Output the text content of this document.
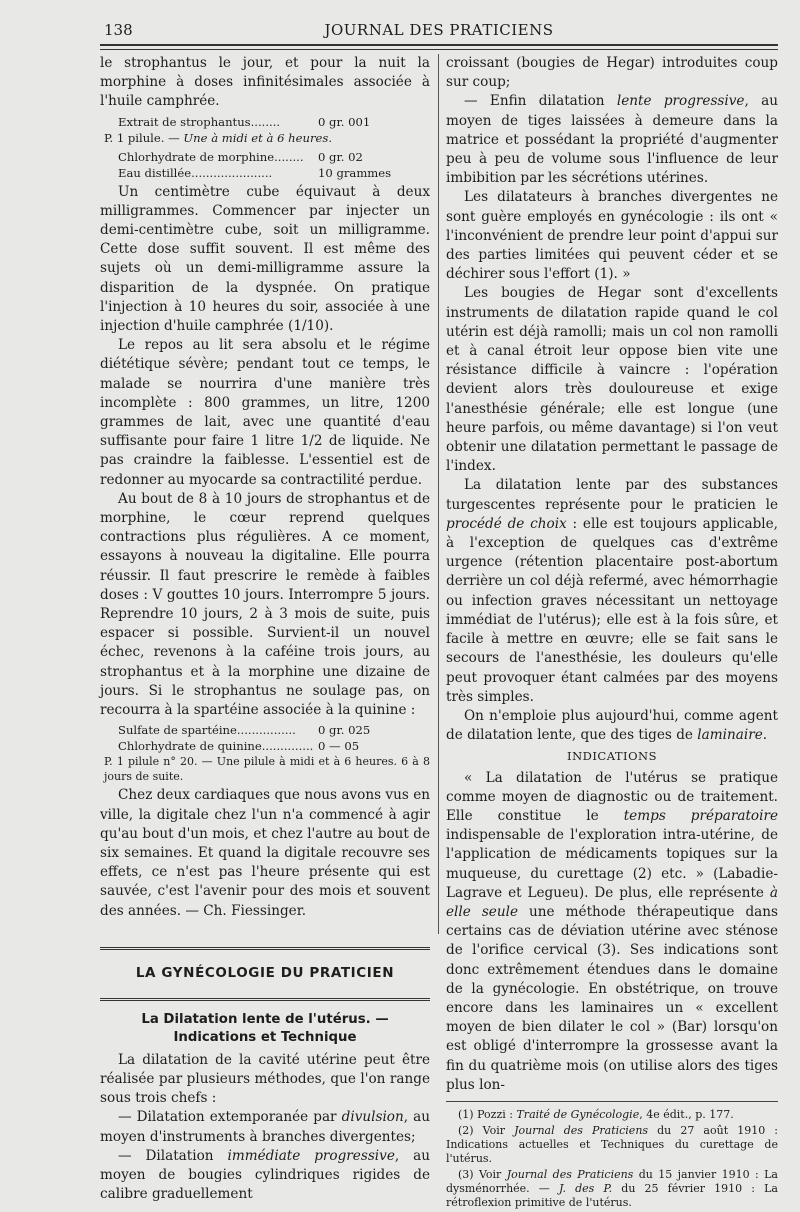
138	JOURNAL DES PRATICIENS

le strophantus le jour, et pour la nuit la morphine à doses infinitésimales associée à l'huile camphrée.

Extrait de strophantus........	0 gr. 001
P. 1 pilule. — Une à midi et à 6 heures.
Chlorhydrate de morphine........	0 gr. 02
Eau distillée......................	10 grammes

Un centimètre cube équivaut à deux milligrammes. Commencer par injecter un demi-centimètre cube, soit un milligramme. Cette dose suffit souvent. Il est même des sujets où un demi-milligramme assure la disparition de la dyspnée. On pratique l'injection à 10 heures du soir, associée à une injection d'huile camphrée (1/10).

Le repos au lit sera absolu et le régime diététique sévère; pendant tout ce temps, le malade se nourrira d'une manière très incomplète : 800 grammes, un litre, 1200 grammes de lait, avec une quantité d'eau suffisante pour faire 1 litre 1/2 de liquide. Ne pas craindre la faiblesse. L'essentiel est de redonner au myocarde sa contractilité perdue.

Au bout de 8 à 10 jours de strophantus et de morphine, le cœur reprend quelques contractions plus régulières. A ce moment, essayons à nouveau la digitaline. Elle pourra réussir. Il faut prescrire le remède à faibles doses : V gouttes 10 jours. Interrompre 5 jours. Reprendre 10 jours, 2 à 3 mois de suite, puis espacer si possible. Survient-il un nouvel échec, revenons à la caféine trois jours, au strophantus et à la morphine une dizaine de jours. Si le strophantus ne soulage pas, on recourra à la spartéine associée à la quinine :

Sulfate de spartéine................	0 gr. 025
Chlorhydrate de quinine.............. 0 — 05
P. 1 pilule n° 20. — Une pilule à midi et à 6 heures. 6 à 8 jours de suite.

Chez deux cardiaques que nous avons vus en ville, la digitale chez l'un n'a commencé à agir qu'au bout d'un mois, et chez l'autre au bout de six semaines. Et quand la digitale recouvre ses effets, ce n'est pas l'heure présente qui est sauvée, c'est l'avenir pour des mois et souvent des années. — Ch. Fiessinger.

LA GYNÉCOLOGIE DU PRATICIEN
La Dilatation lente de l'utérus. — Indications et Technique

La dilatation de la cavité utérine peut être réalisée par plusieurs méthodes, que l'on range sous trois chefs :

— Dilatation extemporanée par divulsion, au moyen d'instruments à branches divergentes;

— Dilatation immédiate progressive, au moyen de bougies cylindriques rigides de calibre graduellement

croissant (bougies de Hegar) introduites coup sur coup;

— Enfin dilatation lente progressive, au moyen de tiges laissées à demeure dans la matrice et possédant la propriété d'augmenter peu à peu de volume sous l'influence de leur imbibition par les sécrétions utérines.

Les dilatateurs à branches divergentes ne sont guère employés en gynécologie : ils ont « l'inconvénient de prendre leur point d'appui sur des parties limitées qui peuvent céder et se déchirer sous l'effort (1). »

Les bougies de Hegar sont d'excellents instruments de dilatation rapide quand le col utérin est déjà ramolli; mais un col non ramolli et à canal étroit leur oppose bien vite une résistance difficile à vaincre : l'opération devient alors très douloureuse et exige l'anesthésie générale; elle est longue (une heure parfois, ou même davantage) si l'on veut obtenir une dilatation permettant le passage de l'index.

La dilatation lente par des substances turgescentes représente pour le praticien le procédé de choix : elle est toujours applicable, à l'exception de quelques cas d'extrême urgence (rétention placentaire post-abortum derrière un col déjà refermé, avec hémorrhagie ou infection graves nécessitant un nettoyage immédiat de l'utérus); elle est à la fois sûre, et facile à mettre en œuvre; elle se fait sans le secours de l'anesthésie, les douleurs qu'elle peut provoquer étant calmées par des moyens très simples.

On n'emploie plus aujourd'hui, comme agent de dilatation lente, que des tiges de laminaire.

INDICATIONS

« La dilatation de l'utérus se pratique comme moyen de diagnostic ou de traitement. Elle constitue le temps préparatoire indispensable de l'exploration intra-utérine, de l'application de médicaments topiques sur la muqueuse, du curettage (2) etc. » (Labadie-Lagrave et Legueu). De plus, elle représente à elle seule une méthode thérapeutique dans certains cas de déviation utérine avec sténose de l'orifice cervical (3). Ses indications sont donc extrêmement étendues dans le domaine de la gynécologie. En obstétrique, on trouve encore dans les laminaires un « excellent moyen de bien dilater le col » (Bar) lorsqu'on est obligé d'interrompre la grossesse avant la fin du quatrième mois (on utilise alors des tiges plus lon-

(1) Pozzi : Traité de Gynécologie, 4e édit., p. 177.

(2) Voir Journal des Praticiens du 27 août 1910 : Indications actuelles et Techniques du curettage de l'utérus.

(3) Voir Journal des Praticiens du 15 janvier 1910 : La dysménorrhée. — J. des P. du 25 février 1910 : La rétroflexion primitive de l'utérus.
